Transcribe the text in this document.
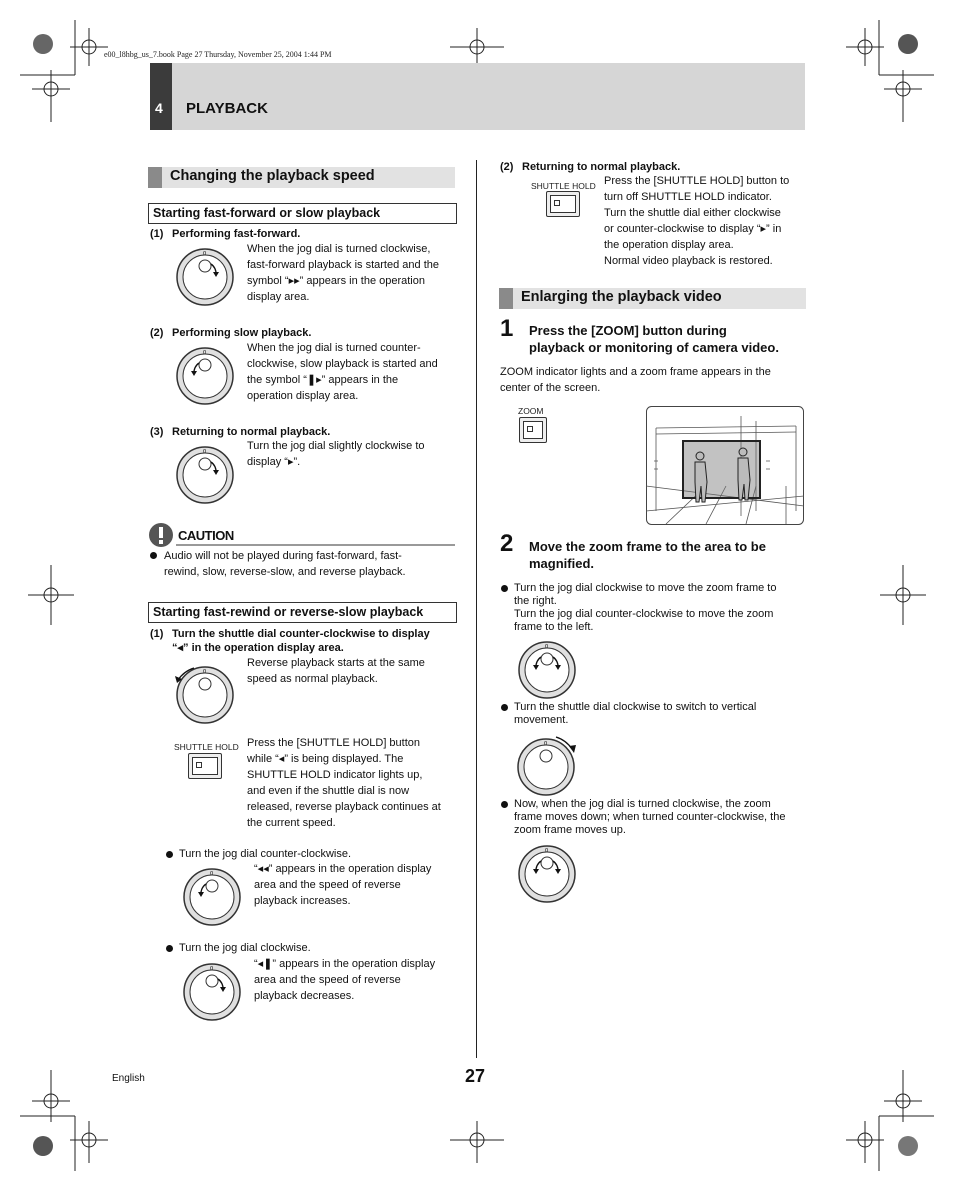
e00_l8hbg_us_7.book Page 27 Thursday, November 25, 2004 1:44 PM
4 PLAYBACK
Changing the playback speed
Starting fast-forward or slow playback
(1) Performing fast-forward.
0	When the jog dial is turned clockwise,
fast-forward playback is started and the
symbol “▸▸” appears in the operation
display area.
(2) Performing slow playback.
0	When the jog dial is turned counter-
clockwise, slow playback is started and
the symbol “❚▸” appears in the
operation display area.
(3) Returning to normal playback.
0	Turn the jog dial slightly clockwise to
display “▸”.
CAUTION
Audio will not be played during fast-forward, fast-
rewind, slow, reverse-slow, and reverse playback.
Starting fast-rewind or reverse-slow playback
(1) Turn the shuttle dial counter-clockwise to display
“◂” in the operation display area.
0
Reverse playback starts at the same
speed as normal playback.
SHUTTLE HOLD Press the [SHUTTLE HOLD] button
while “◂” is being displayed. The
SHUTTLE HOLD indicator lights up,
and even if the shuttle dial is now
released, reverse playback continues at
the current speed.
Turn the jog dial counter-clockwise.
0	“◂◂” appears in the operation display
area and the speed of reverse
playback increases.
Turn the jog dial clockwise.
0	“◂❚” appears in the operation display
area and the speed of reverse
playback decreases.
(2) Returning to normal playback.
SHUTTLE HOLD Press the [SHUTTLE HOLD] button to
turn off SHUTTLE HOLD indicator.
Turn the shuttle dial either clockwise
or counter-clockwise to display “▸” in
the operation display area.
Normal video playback is restored.
Enlarging the playback video
1 Press the [ZOOM] button during
playback or monitoring of camera video.
ZOOM indicator lights and a zoom frame appears in the
center of the screen.
ZOOM
2 Move the zoom frame to the area to be
magnified.
Turn the jog dial clockwise to move the zoom frame to
the right.
Turn the jog dial counter-clockwise to move the zoom
frame to the left.
0
Turn the shuttle dial clockwise to switch to vertical
movement.
0
Now, when the jog dial is turned clockwise, the zoom
frame moves down; when turned counter-clockwise, the
zoom frame moves up.
0
English	27
